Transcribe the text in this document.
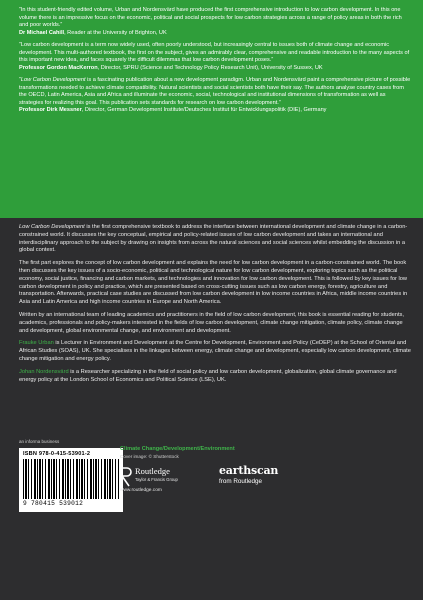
“In this student-friendly edited volume, Urban and Nordensvärd have produced the first comprehensive introduction to low carbon development. In this one volume there is an impressive focus on the economic, political and social prospects for low carbon strategies across a range of policy areas in both the rich and poor worlds.”

Dr Michael Cahill, Reader at the University of Brighton, UK

“Low carbon development is a term now widely used, often poorly understood, but increasingly central to issues both of climate change and economic development. This multi-authored textbook, the first on the subject, gives an admirably clear, comprehensive and readable introduction to the many aspects of this important new idea, and faces squarely the difficult dilemmas that low carbon development poses.”

Professor Gordon MacKerron, Director, SPRU (Science and Technology Policy Research Unit), University of Sussex, UK

“Low Carbon Development is a fascinating publication about a new development paradigm. Urban and Nordensvärd paint a comprehensive picture of possible transformations needed to achieve climate compatibility. Natural scientists and social scientists both have their say. The authors analyse country cases from the OECD, Latin America, Asia and Africa and illuminate the economic, social, technological and institutional dimensions of transformation as well as strategies for realizing this goal. This publication sets standards for research on low carbon development.”

Professor Dirk Messner, Director, German Development Institute/Deutsches Institut für Entwicklungspolitik (DIE), Germany

Low Carbon Development is the first comprehensive textbook to address the interface between international development and climate change in a carbon-constrained world. It discusses the key conceptual, empirical and policy-related issues of low carbon development and takes an international and interdisciplinary approach to the subject by drawing on insights from across the natural sciences and social sciences whilst embedding the discussion in a global context.

The first part explores the concept of low carbon development and explains the need for low carbon development in a carbon-constrained world. The book then discusses the key issues of a socio-economic, political and technological nature for low carbon development, exploring topics such as the political economy, social justice, financing and carbon markets, and technologies and innovation for low carbon development. This is followed by key issues for low carbon development in policy and practice, which are presented based on cross-cutting issues such as low carbon energy, forestry, agriculture and transportation. Afterwards, practical case studies are discussed from low carbon development in low income countries in Africa, middle income countries in Asia and Latin America and high income countries in Europe and North America.

Written by an international team of leading academics and practitioners in the field of low carbon development, this book is essential reading for students, academics, professionals and policy-makers interested in the fields of low carbon development, climate change mitigation, climate policy, climate change and development, global environmental change, and environment and development.

Frauke Urban is Lecturer in Environment and Development at the Centre for Development, Environment and Policy (CeDEP) at the School of Oriental and African Studies (SOAS), UK. She specialises in the linkages between energy, climate change and development, especially low carbon development, climate change mitigation and energy policy.

Johan Nordensvärd is a Researcher specializing in the field of social policy and low carbon development, globalization, global climate governance and energy policy at the London School of Economics and Political Science (LSE), UK.

an informa business
ISBN 978-0-415-53901-2
9 780415 539012
Climate Change/Development/Environment
Cover image: © Shutterstock
Routledge
Taylor & Francis Group
www.routledge.com
earthscan
from Routledge
